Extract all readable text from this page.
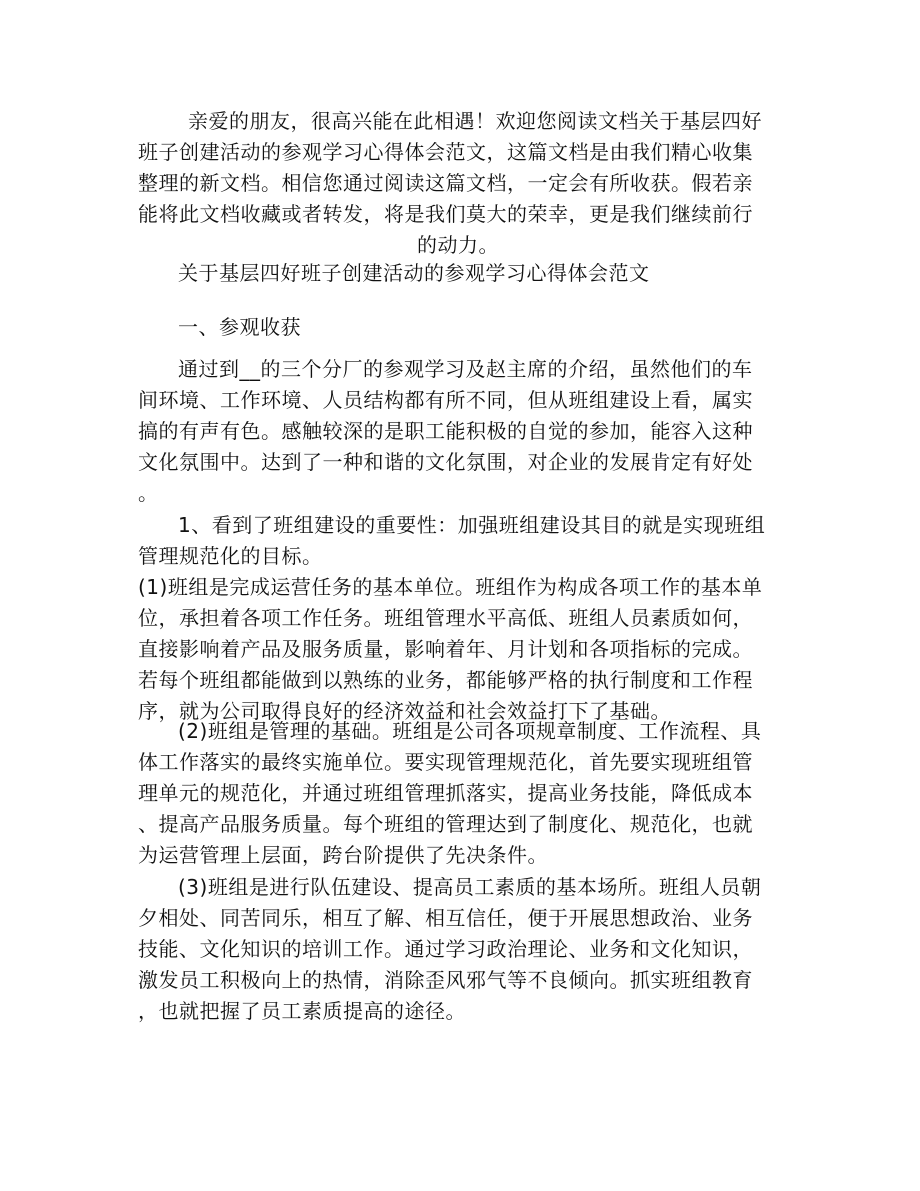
亲爱的朋友，很高兴能在此相遇！欢迎您阅读文档关于基层四好
班子创建活动的参观学习心得体会范文，这篇文档是由我们精心收集
整理的新文档。相信您通过阅读这篇文档，一定会有所收获。假若亲
能将此文档收藏或者转发，将是我们莫大的荣幸，更是我们继续前行
的动力。
关于基层四好班子创建活动的参观学习心得体会范文
一、参观收获
通过到__的三个分厂的参观学习及赵主席的介绍，虽然他们的车
间环境、工作环境、人员结构都有所不同，但从班组建设上看，属实
搞的有声有色。感触较深的是职工能积极的自觉的参加，能容入这种
文化氛围中。达到了一种和谐的文化氛围，对企业的发展肯定有好处
。
1、看到了班组建设的重要性：加强班组建设其目的就是实现班组
管理规范化的目标。
(1)班组是完成运营任务的基本单位。班组作为构成各项工作的基本单
位，承担着各项工作任务。班组管理水平高低、班组人员素质如何，
直接影响着产品及服务质量，影响着年、月计划和各项指标的完成。
若每个班组都能做到以熟练的业务，都能够严格的执行制度和工作程
序，就为公司取得良好的经济效益和社会效益打下了基础。
(2)班组是管理的基础。班组是公司各项规章制度、工作流程、具
体工作落实的最终实施单位。要实现管理规范化，首先要实现班组管
理单元的规范化，并通过班组管理抓落实，提高业务技能，降低成本
、提高产品服务质量。每个班组的管理达到了制度化、规范化，也就
为运营管理上层面，跨台阶提供了先决条件。
(3)班组是进行队伍建设、提高员工素质的基本场所。班组人员朝
夕相处、同苦同乐，相互了解、相互信任，便于开展思想政治、业务
技能、文化知识的培训工作。通过学习政治理论、业务和文化知识，
激发员工积极向上的热情，消除歪风邪气等不良倾向。抓实班组教育
，也就把握了员工素质提高的途径。
